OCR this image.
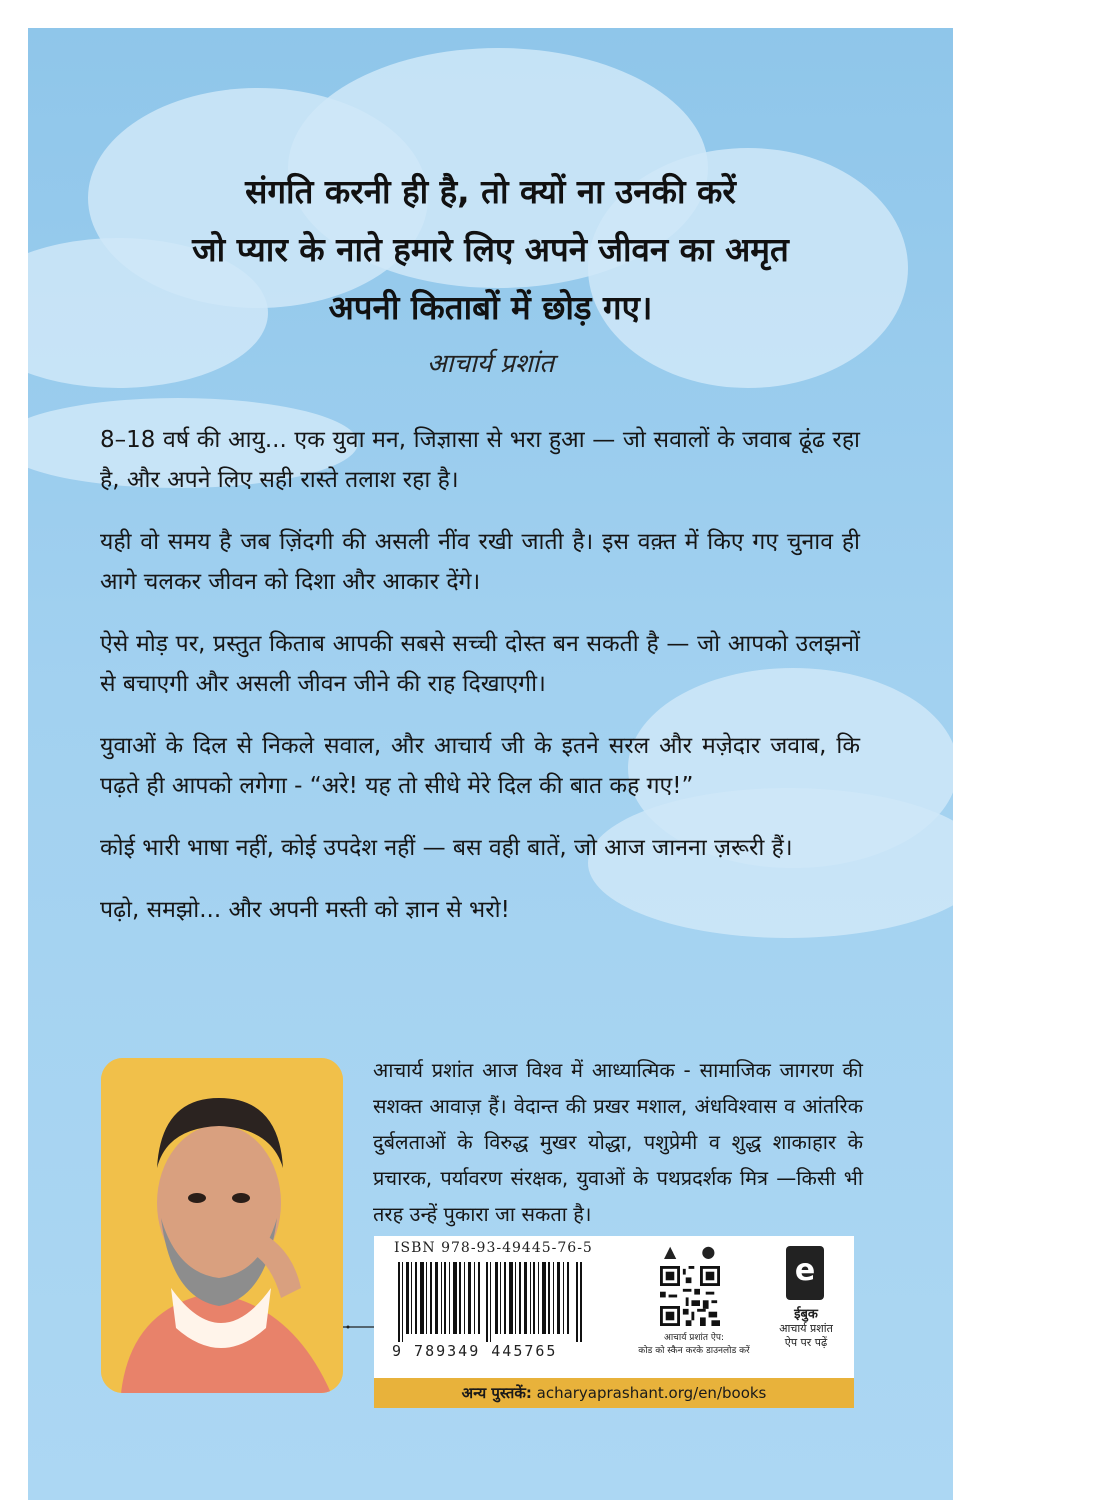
संगति करनी ही है, तो क्यों ना उनकी करें
जो प्यार के नाते हमारे लिए अपने जीवन का अमृत
अपनी किताबों में छोड़ गए।
आचार्य प्रशांत

8–18 वर्ष की आयु... एक युवा मन, जिज्ञासा से भरा हुआ — जो सवालों के जवाब ढूंढ रहा है, और अपने लिए सही रास्ते तलाश रहा है।

यही वो समय है जब ज़िंदगी की असली नींव रखी जाती है। इस वक़्त में किए गए चुनाव ही आगे चलकर जीवन को दिशा और आकार देंगे।

ऐसे मोड़ पर, प्रस्तुत किताब आपकी सबसे सच्ची दोस्त बन सकती है — जो आपको उलझनों से बचाएगी और असली जीवन जीने की राह दिखाएगी।

युवाओं के दिल से निकले सवाल, और आचार्य जी के इतने सरल और मज़ेदार जवाब, कि पढ़ते ही आपको लगेगा - “अरे! यह तो सीधे मेरे दिल की बात कह गए!”

कोई भारी भाषा नहीं, कोई उपदेश नहीं — बस वही बातें, जो आज जानना ज़रूरी हैं।

पढ़ो, समझो... और अपनी मस्ती को ज्ञान से भरो!

आचार्य प्रशांत आज विश्व में आध्यात्मिक - सामाजिक जागरण की सशक्त आवाज़ हैं। वेदान्त की प्रखर मशाल, अंधविश्वास व आंतरिक दुर्बलताओं के विरुद्ध मुखर योद्धा, पशुप्रेमी व शुद्ध शाकाहार के प्रचारक, पर्यावरण संरक्षक, युवाओं के पथप्रदर्शक मित्र —किसी भी तरह उन्हें पुकारा जा सकता है।
ISBN 978-93-49445-76-5
9 789349 445765
▲ ●
आचार्य प्रशांत ऐप:
कोड को स्कैन करके डाउनलोड करें
e
ईबुक
आचार्य प्रशांत
ऐप पर पढ़ें
अन्य पुस्तकें: acharyaprashant.org/en/books
